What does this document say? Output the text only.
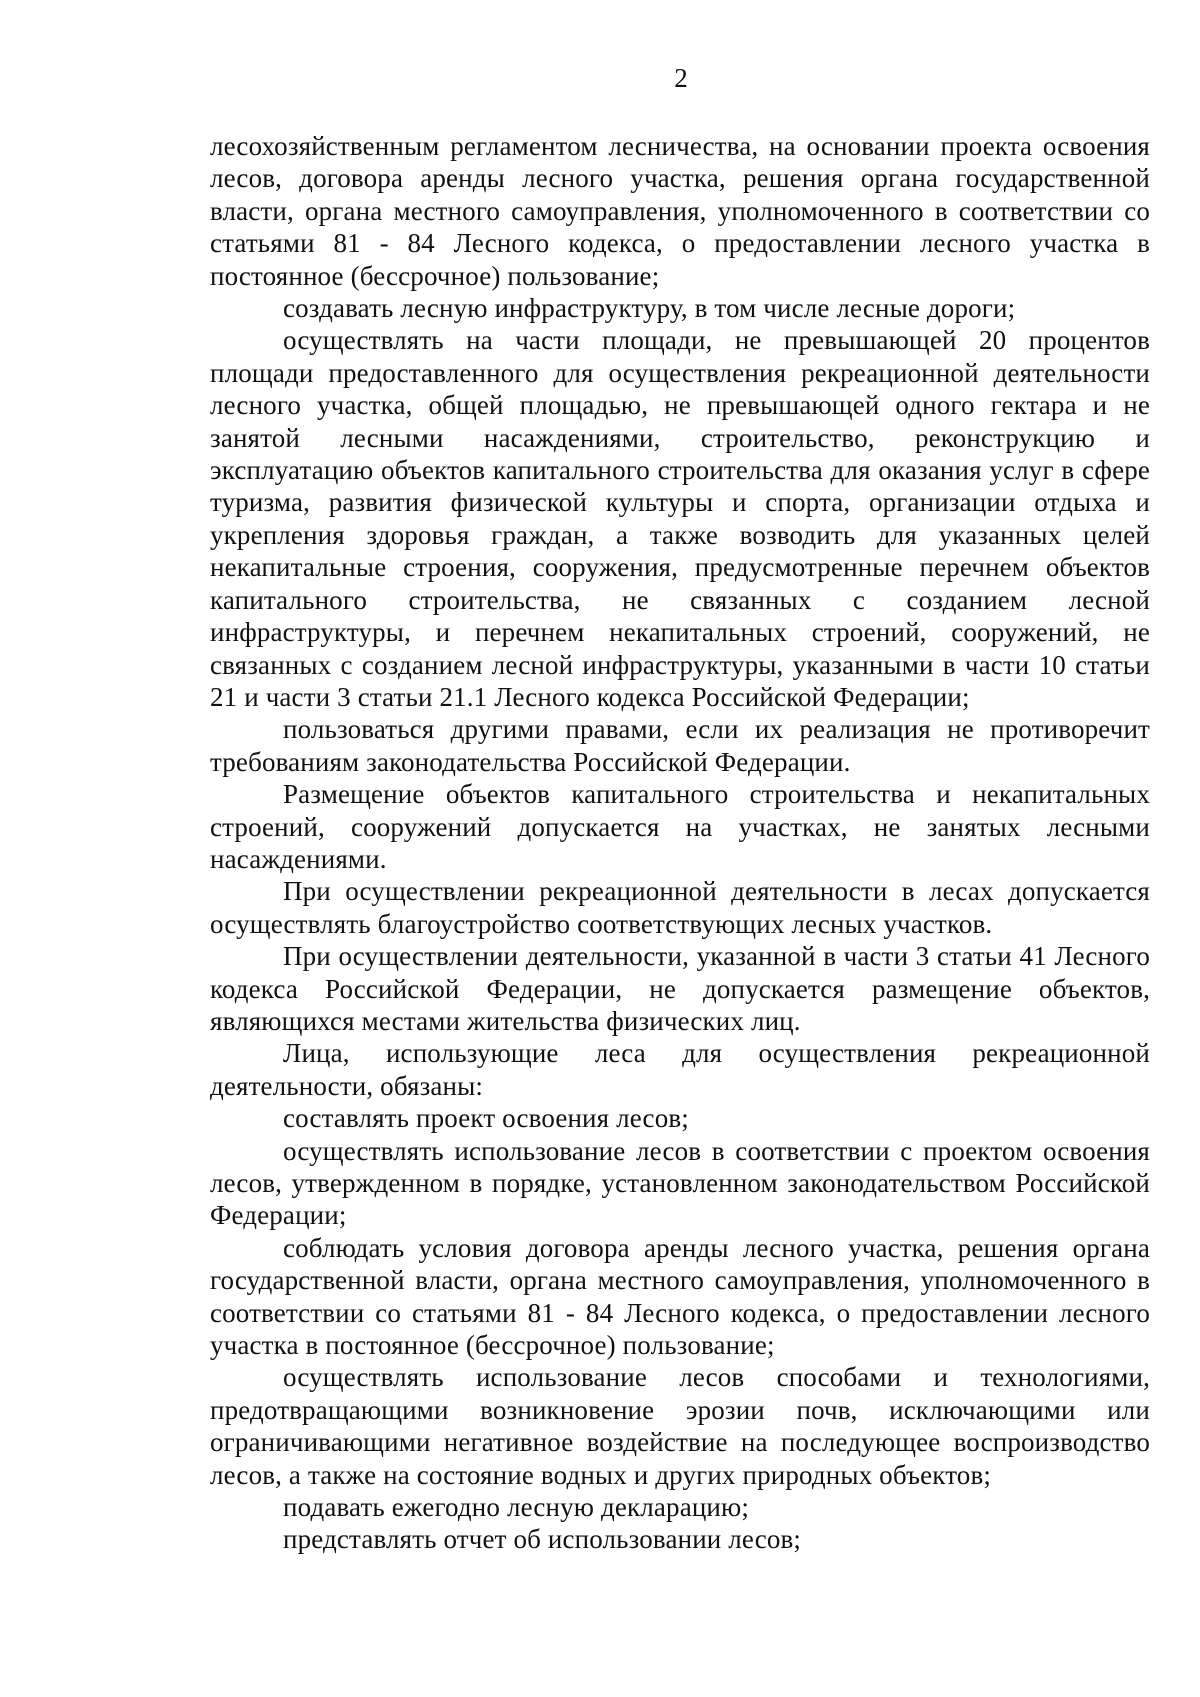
2

лесохозяйственным регламентом лесничества, на основании проекта освоения лесов, договора аренды лесного участка, решения органа государственной власти, органа местного самоуправления, уполномоченного в соответствии со статьями 81 - 84 Лесного кодекса, о предоставлении лесного участка в постоянное (бессрочное) пользование;

создавать лесную инфраструктуру, в том числе лесные дороги;

осуществлять на части площади, не превышающей 20 процентов площади предоставленного для осуществления рекреационной деятельности лесного участка, общей площадью, не превышающей одного гектара и не занятой лесными насаждениями, строительство, реконструкцию и эксплуатацию объектов капитального строительства для оказания услуг в сфере туризма, развития физической культуры и спорта, организации отдыха и укрепления здоровья граждан, а также возводить для указанных целей некапитальные строения, сооружения, предусмотренные перечнем объектов капитального строительства, не связанных с созданием лесной инфраструктуры, и перечнем некапитальных строений, сооружений, не связанных с созданием лесной инфраструктуры, указанными в части 10 статьи 21 и части 3 статьи 21.1 Лесного кодекса Российской Федерации;

пользоваться другими правами, если их реализация не противоречит требованиям законодательства Российской Федерации.

Размещение объектов капитального строительства и некапитальных строений, сооружений допускается на участках, не занятых лесными насаждениями.

При осуществлении рекреационной деятельности в лесах допускается осуществлять благоустройство соответствующих лесных участков.

При осуществлении деятельности, указанной в части 3 статьи 41 Лесного кодекса Российской Федерации, не допускается размещение объектов, являющихся местами жительства физических лиц.

Лица, использующие леса для осуществления рекреационной деятельности, обязаны:

составлять проект освоения лесов;

осуществлять использование лесов в соответствии с проектом освоения лесов, утвержденном в порядке, установленном законодательством Российской Федерации;

соблюдать условия договора аренды лесного участка, решения органа государственной власти, органа местного самоуправления, уполномоченного в соответствии со статьями 81 - 84 Лесного кодекса, о предоставлении лесного участка в постоянное (бессрочное) пользование;

осуществлять использование лесов способами и технологиями, предотвращающими возникновение эрозии почв, исключающими или ограничивающими негативное воздействие на последующее воспроизводство лесов, а также на состояние водных и других природных объектов;

подавать ежегодно лесную декларацию;

представлять отчет об использовании лесов;
